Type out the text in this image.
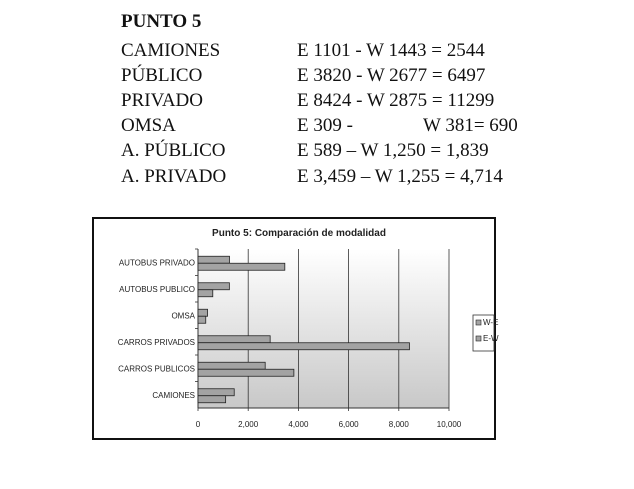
PUNTO 5
CAMIONES	E 1101 - W 1443 = 2544
PÚBLICO	E 3820 - W 2677 = 6497
PRIVADO	E 8424 - W 2875 = 11299
OMSA	E 309 -	W 381= 690
A. PÚBLICO	E 589 – W 1,250 = 1,839
A. PRIVADO	E 3,459 – W 1,255 = 4,714
Punto 5: Comparación de modalidad
0	2,000	4,000	6,000	8,000	10,000
AUTOBUS PRIVADO
AUTOBUS PUBLICO
OMSA
CARROS PRIVADOS
CARROS PUBLICOS
CAMIONES
W-E
E-W
